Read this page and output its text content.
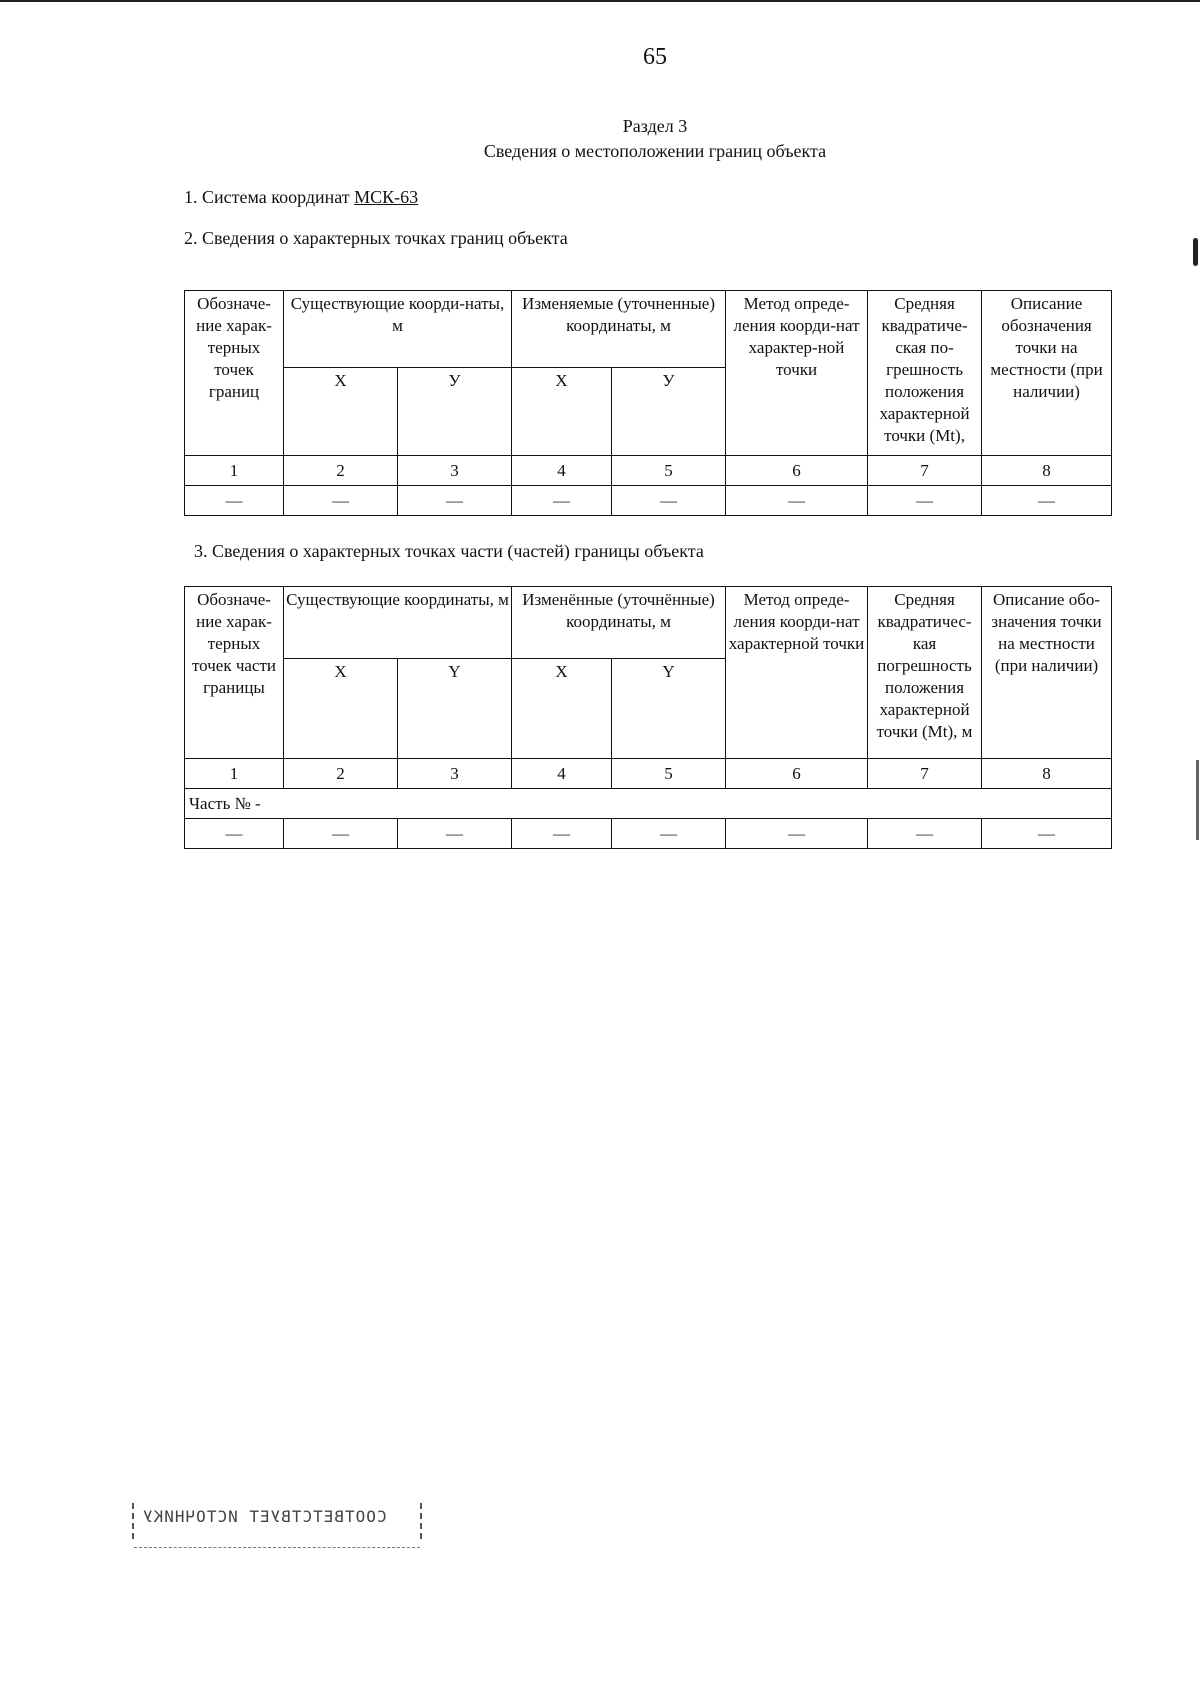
65
Раздел 3
Сведения о местоположении границ объекта
1. Система координат МСК-63
2. Сведения о характерных точках границ объекта
Обозначе-ние харак-терных точек границ	Существующие коорди-наты, м		Изменяемые (уточненные) координаты, м		Метод опреде-ления коорди-нат характер-ной точки	Средняя квадратиче-ская по-грешность положения характерной точки (Mt),	Описание обозначения точки на местности (при наличии)
	X	У	X	У			
1	2	3	4	5	6	7	8
—	—	—	—	—	—	—	—
3. Сведения о характерных точках части (частей) границы объекта
Обозначе-ние харак-терных точек части границы	Существующие координаты, м		Изменённые (уточнённые) координаты, м		Метод опреде-ления коорди-нат характерной точки	Средняя квадратичес-кая погрешность положения характерной точки (Mt), м	Описание обо-значения точки на местности (при наличии)
	X	Y	X	Y			
1	2	3	4	5	6	7	8
Часть № -							
—	—	—	—	—	—	—	—
СООТВЕТСТВУЕТ ИСТОЧНИКУ
